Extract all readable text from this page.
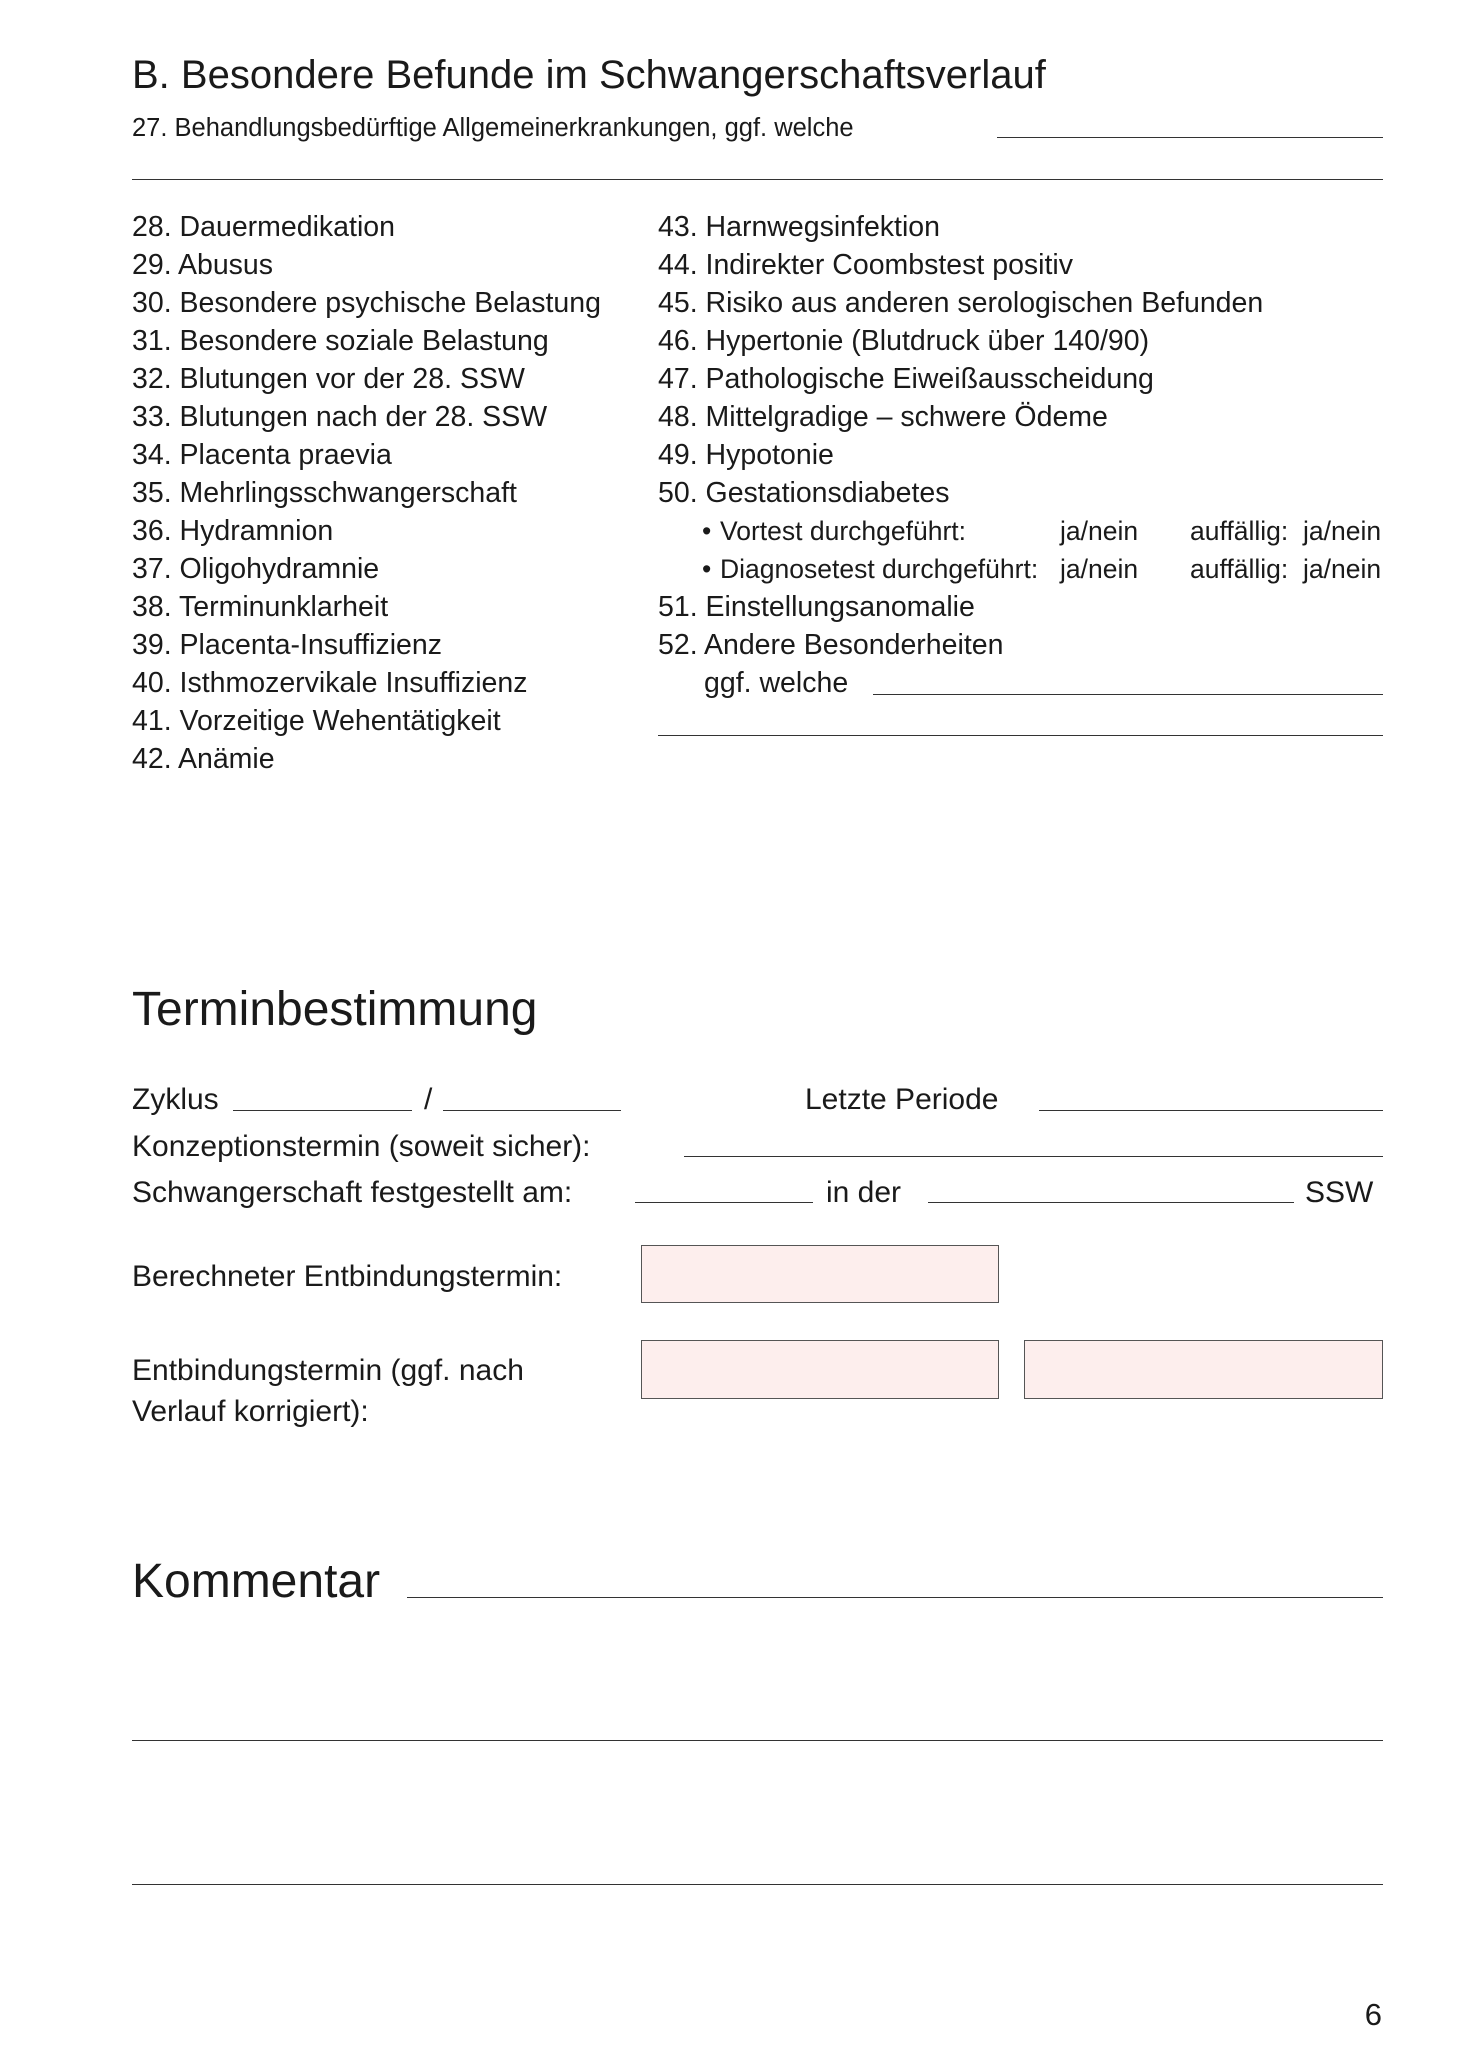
B. Besondere Befunde im Schwangerschaftsverlauf
27. Behandlungsbedürftige Allgemeinerkrankungen, ggf. welche
28. Dauermedikation
29. Abusus
30. Besondere psychische Belastung
31. Besondere soziale Belastung
32. Blutungen vor der 28. SSW
33. Blutungen nach der 28. SSW
34. Placenta praevia
35. Mehrlingsschwangerschaft
36. Hydramnion
37. Oligohydramnie
38. Terminunklarheit
39. Placenta-Insuffizienz
40. Isthmozervikale Insuffizienz
41. Vorzeitige Wehentätigkeit
42. Anämie
43. Harnwegsinfektion
44. Indirekter Coombstest positiv
45. Risiko aus anderen serologischen Befunden
46. Hypertonie (Blutdruck über 140/90)
47. Pathologische Eiweißausscheidung
48. Mittelgradige – schwere Ödeme
49. Hypotonie
50. Gestationsdiabetes
• Vortest durchgeführt:	ja/nein auffällig: ja/nein
• Diagnosetest durchgeführt: ja/nein auffällig: ja/nein
51. Einstellungsanomalie
52. Andere Besonderheiten
ggf. welche
Terminbestimmung
Zyklus	/	Letzte Periode
Konzeptionstermin (soweit sicher):
Schwangerschaft festgestellt am:	in der	SSW
Berechneter Entbindungstermin:
Entbindungstermin (ggf. nach
Verlauf korrigiert):
Kommentar
6
